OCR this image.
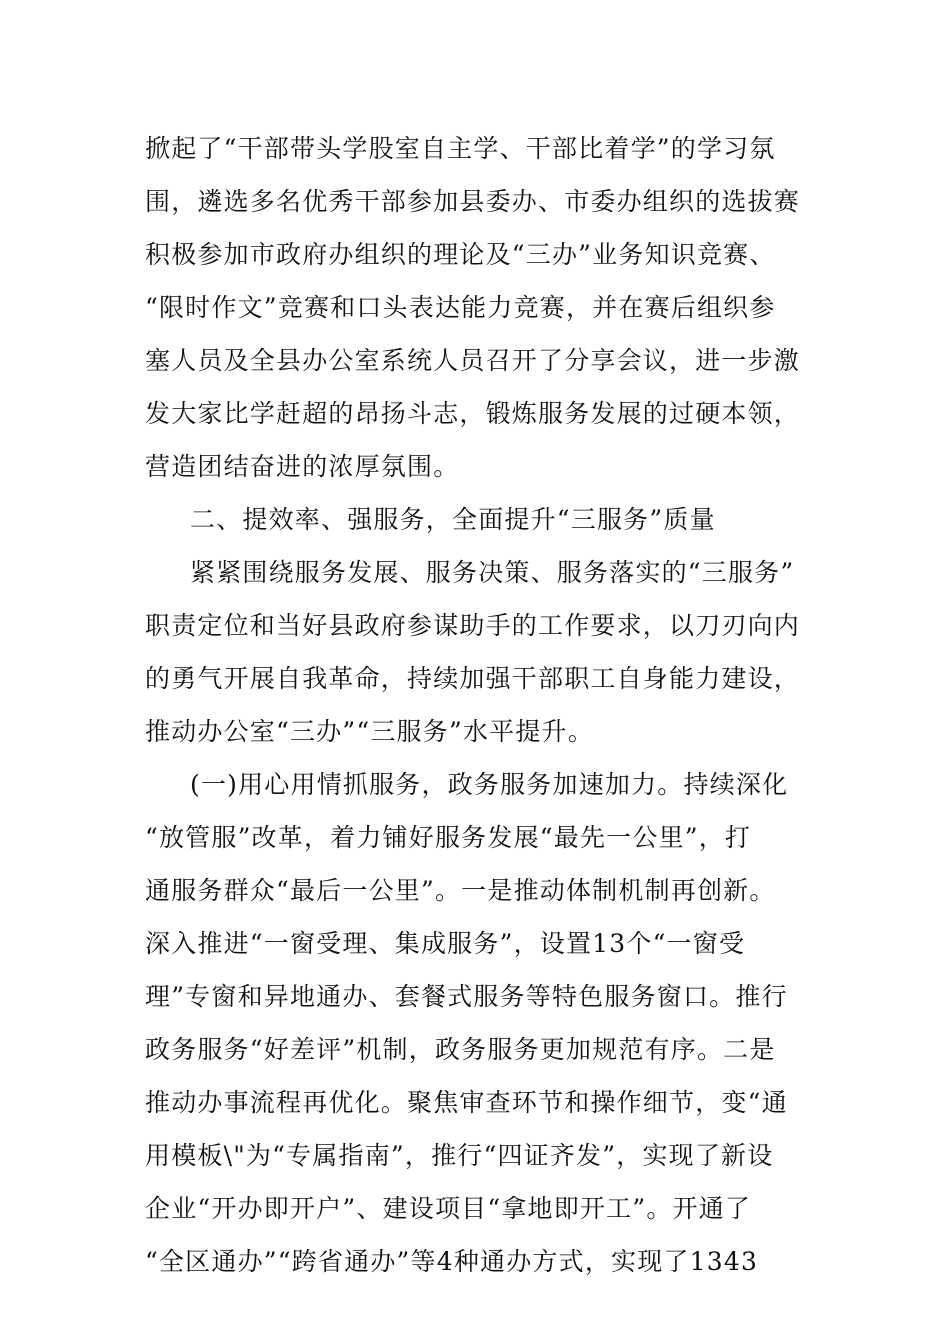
掀起了“干部带头学股室自主学、干部比着学”的学习氛
围，遴选多名优秀干部参加县委办、市委办组织的选拔赛
积极参加市政府办组织的理论及“三办”业务知识竞赛、
“限时作文”竞赛和口头表达能力竞赛，并在赛后组织参
塞人员及全县办公室系统人员召开了分享会议，进一步激
发大家比学赶超的昂扬斗志，锻炼服务发展的过硬本领，
营造团结奋进的浓厚氛围。
二、提效率、强服务，全面提升“三服务”质量
紧紧围绕服务发展、服务决策、服务落实的“三服务”
职责定位和当好县政府参谋助手的工作要求，以刀刃向内
的勇气开展自我革命，持续加强干部职工自身能力建设，
推动办公室“三办”“三服务”水平提升。
(一)用心用情抓服务，政务服务加速加力。持续深化
“放管服”改革，着力铺好服务发展“最先一公里”，打
通服务群众“最后一公里”。一是推动体制机制再创新。
深入推进“一窗受理、集成服务”，设置13个“一窗受
理”专窗和异地通办、套餐式服务等特色服务窗口。推行
政务服务“好差评”机制，政务服务更加规范有序。二是
推动办事流程再优化。聚焦审查环节和操作细节，变“通
用模板\"为“专属指南”，推行“四证齐发”，实现了新设
企业“开办即开户”、建设项目“拿地即开工”。开通了
“全区通办”“跨省通办”等4种通办方式，实现了1343
